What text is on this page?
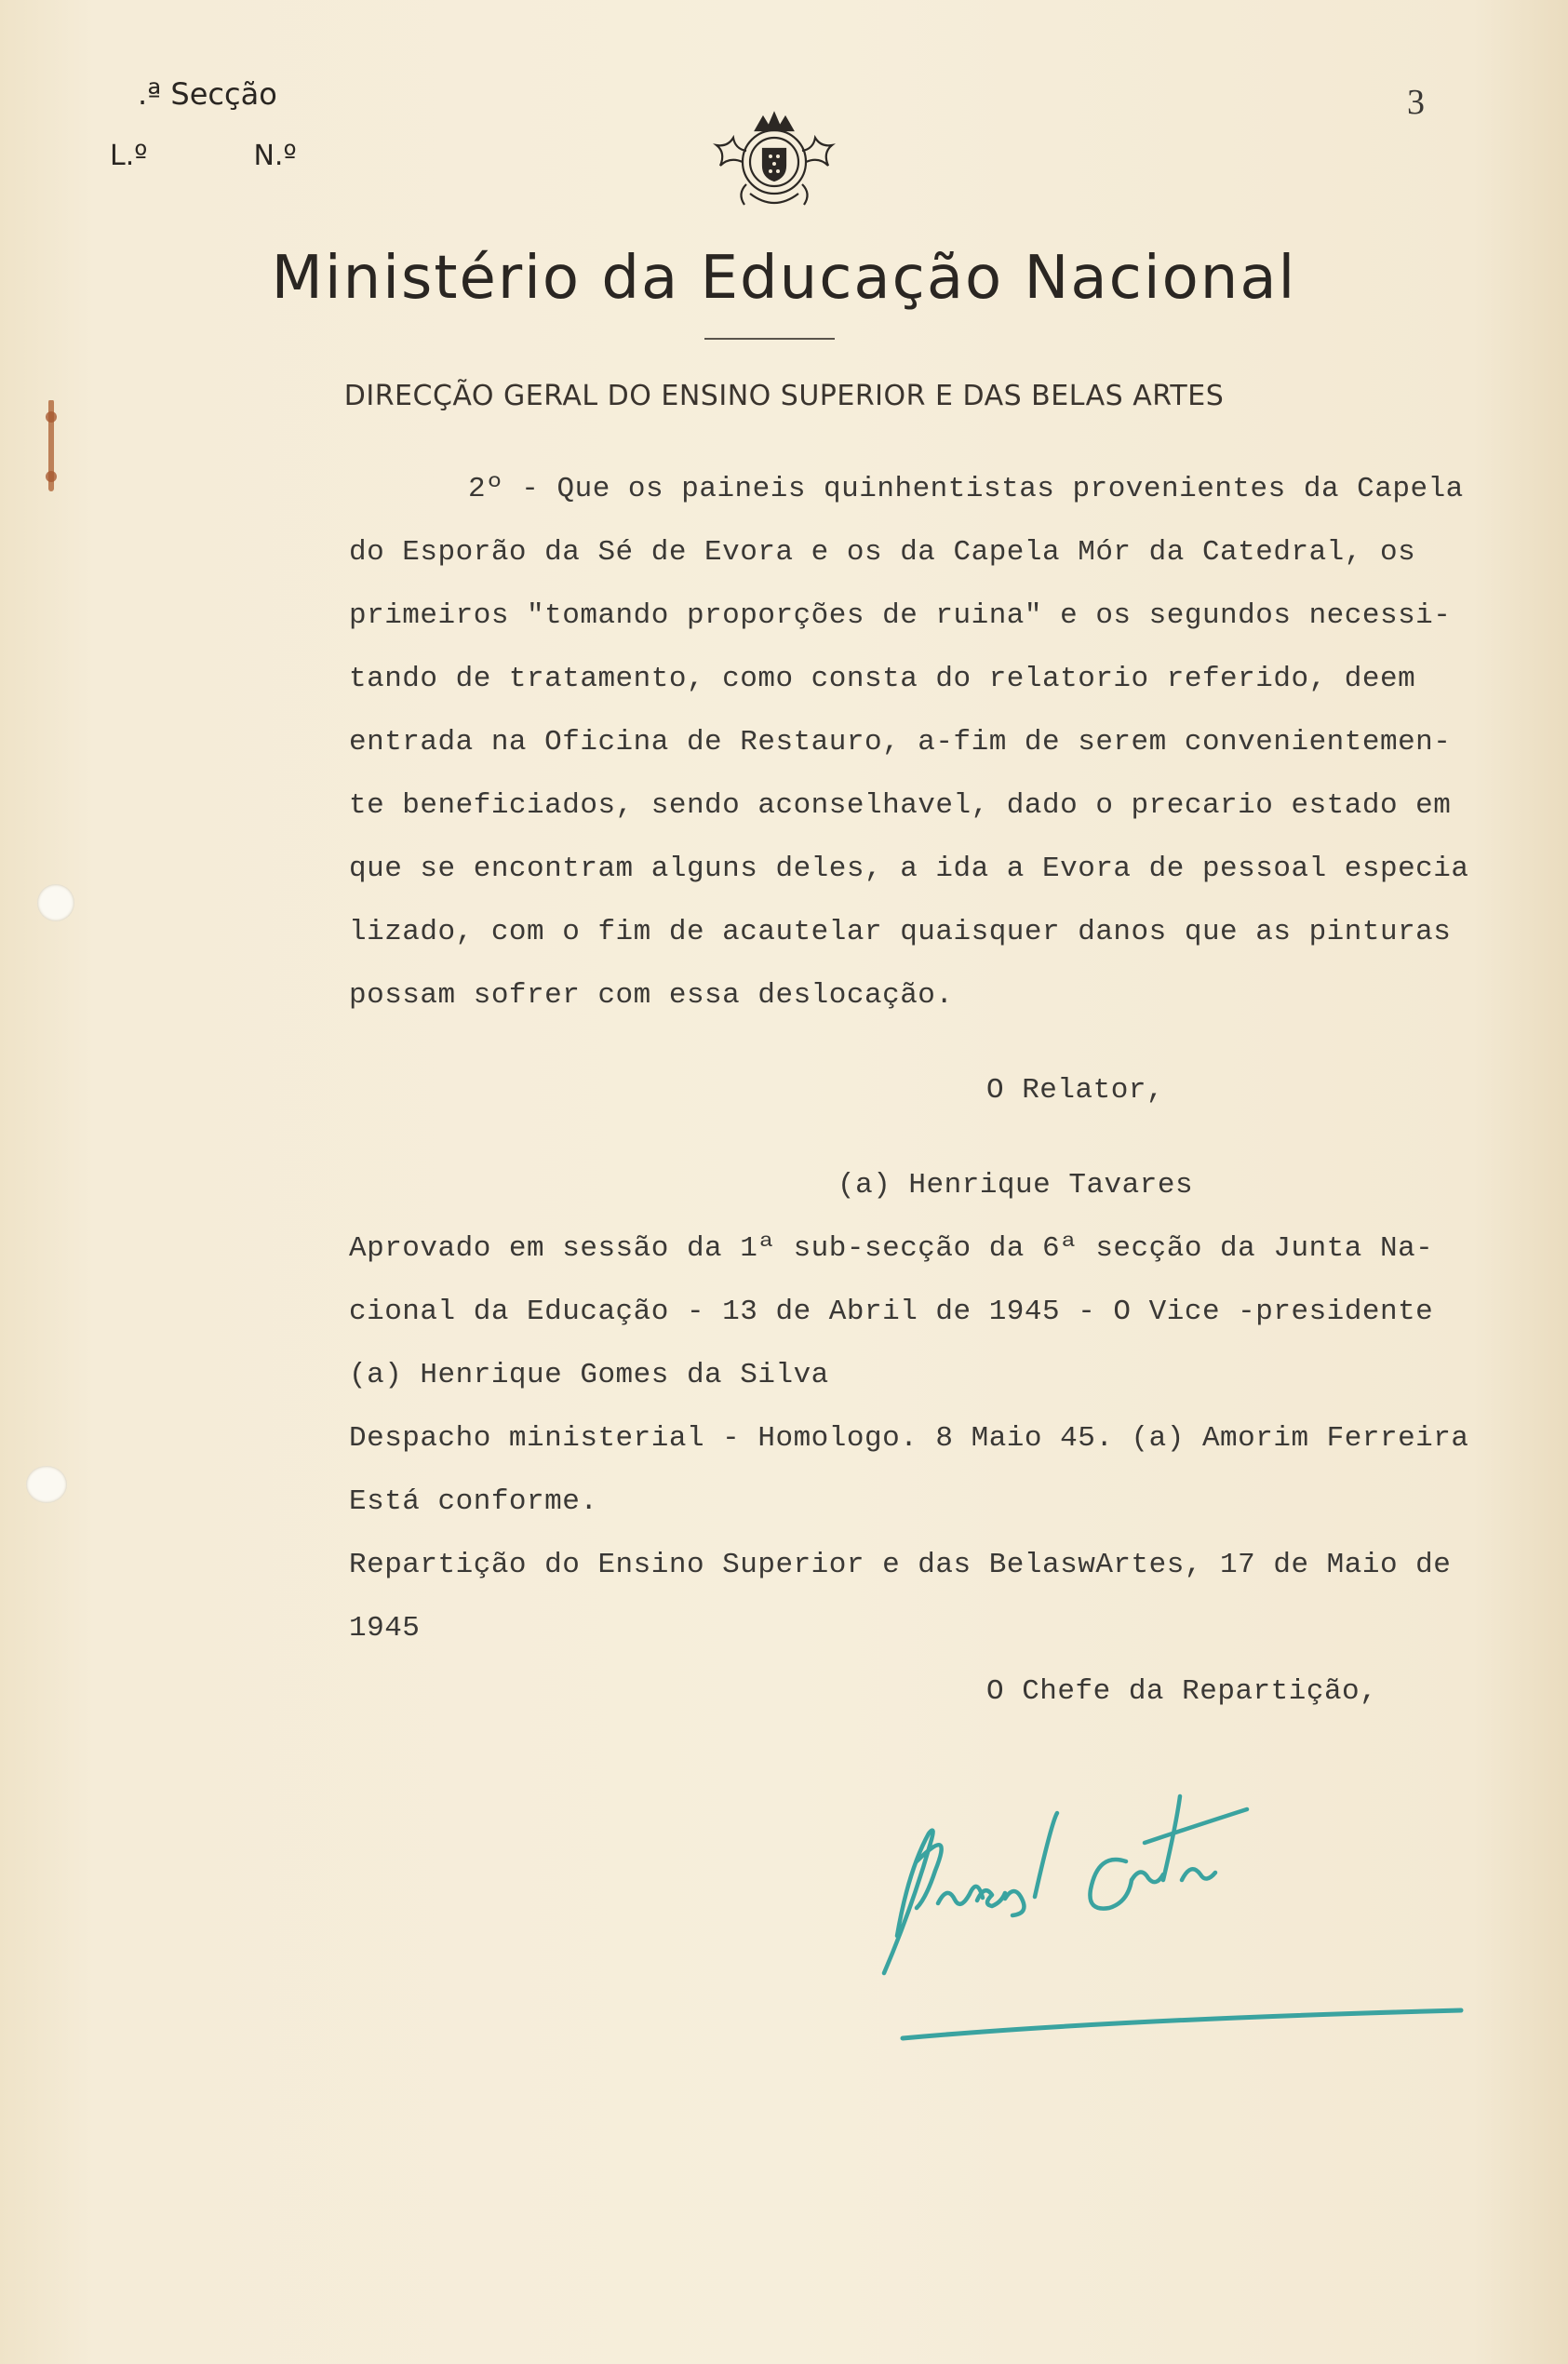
.ª Secção
L.º	N.º
3
Ministério da Educação Nacional
DIRECÇÃO GERAL DO ENSINO SUPERIOR E DAS BELAS ARTES
2º - Que os paineis quinhentistas provenientes da Capela
do Esporão da Sé de Evora e os da Capela Mór da Catedral, os
primeiros "tomando proporções de ruina" e os segundos necessi-
tando de tratamento, como consta do relatorio referido, deem
entrada na Oficina de Restauro, a-fim de serem convenientemen-
te beneficiados, sendo aconselhavel, dado o precario estado em
que se encontram alguns deles, a ida a Evora de pessoal especia
lizado, com o fim de acautelar quaisquer danos que as pinturas
possam sofrer com essa deslocação.
O Relator,
(a) Henrique Tavares
Aprovado em sessão da 1ª sub-secção da 6ª secção da Junta Na-
cional da Educação - 13 de Abril de 1945 - O Vice -presidente
(a) Henrique Gomes da Silva
Despacho ministerial - Homologo. 8 Maio 45. (a) Amorim Ferreira
Está conforme.
Repartição do Ensino Superior e das BelaswArtes, 17 de Maio de
1945
O Chefe da Repartição,
